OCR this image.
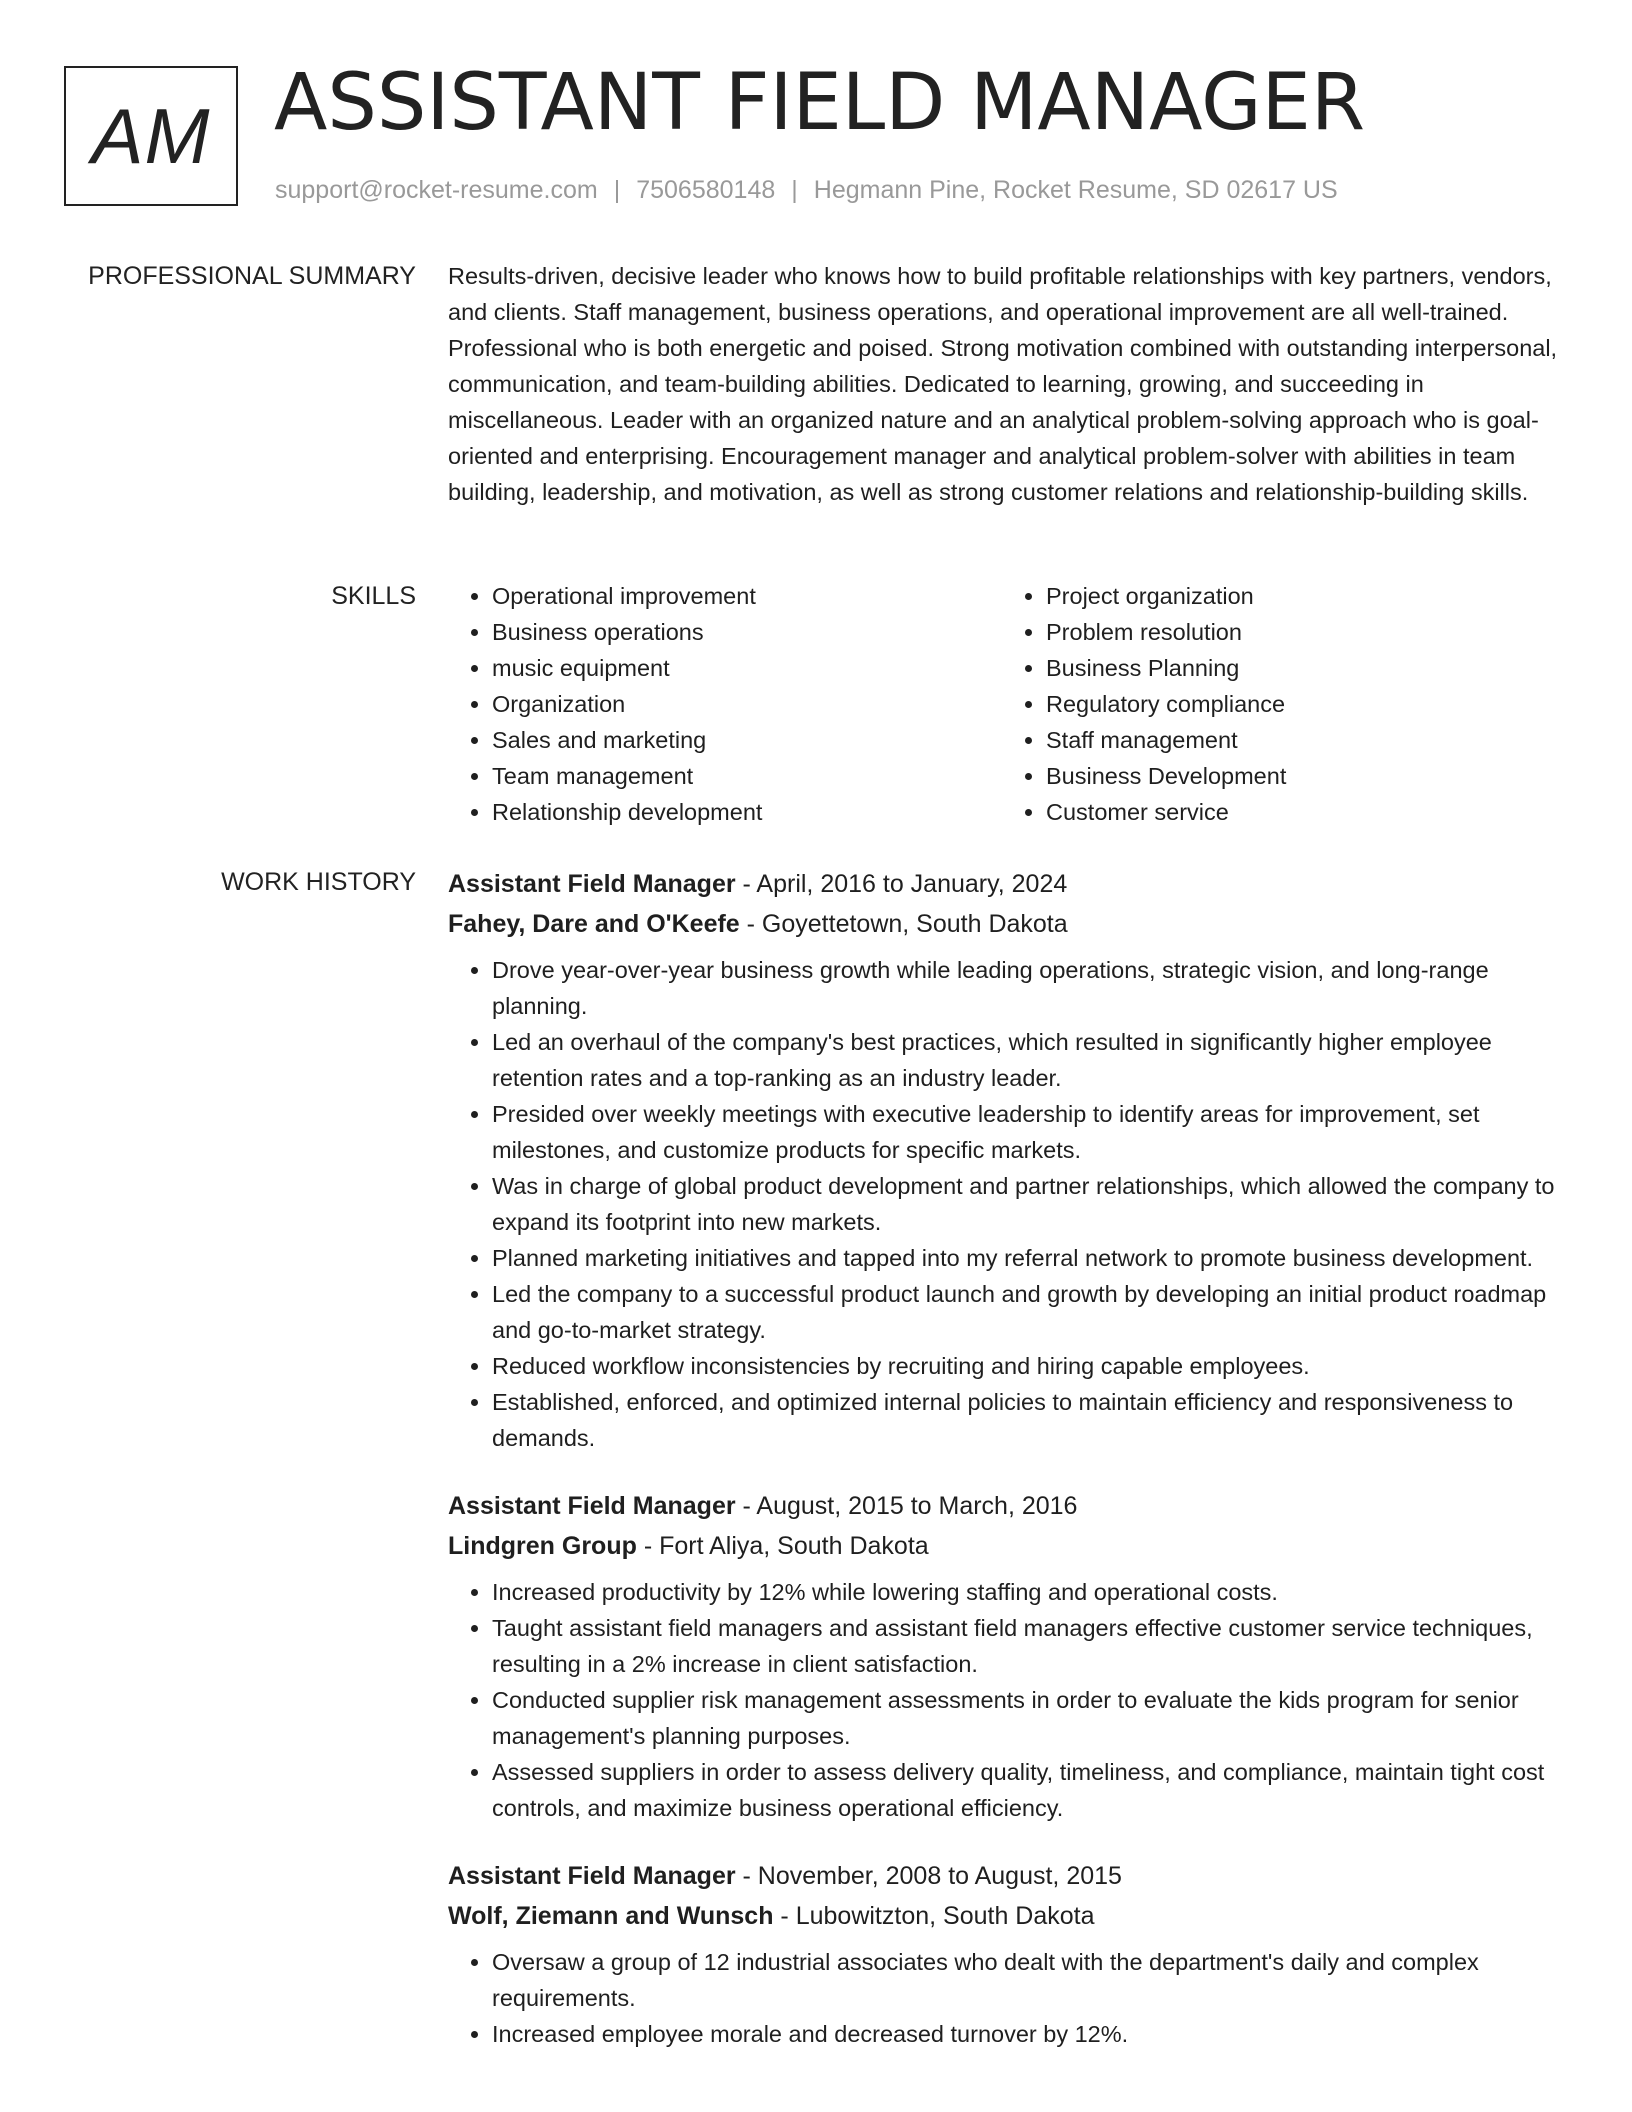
AM ASSISTANT FIELD MANAGER
support@rocket-resume.com | 7506580148 | Hegmann Pine, Rocket Resume, SD 02617 US
PROFESSIONAL SUMMARY Results-driven, decisive leader who knows how to build profitable relationships with key partners, vendors, and clients. Staff management, business operations, and operational improvement are all well-trained. Professional who is both energetic and poised. Strong motivation combined with outstanding interpersonal, communication, and team-building abilities. Dedicated to learning, growing, and succeeding in miscellaneous. Leader with an organized nature and an analytical problem-solving approach who is goal-oriented and enterprising. Encouragement manager and analytical problem-solver with abilities in team building, leadership, and motivation, as well as strong customer relations and relationship-building skills.

SKILLS
•	Operational improvement
• Business operations
• music equipment
• Organization
• Sales and marketing
• Team management
• Relationship development
• Project organization
• Problem resolution
• Business Planning
• Regulatory compliance
• Staff management
• Business Development
• Customer service
WORK HISTORY Assistant Field Manager - April, 2016 to January, 2024

Fahey, Dare and O'Keefe - Goyettetown, South Dakota

• Drove year-over-year business growth while leading operations, strategic vision, and long-range planning.
• Led an overhaul of the company's best practices, which resulted in significantly higher employee retention rates and a top-ranking as an industry leader.
• Presided over weekly meetings with executive leadership to identify areas for improvement, set milestones, and customize products for specific markets.
• Was in charge of global product development and partner relationships, which allowed the company to expand its footprint into new markets.
• Planned marketing initiatives and tapped into my referral network to promote business development.
• Led the company to a successful product launch and growth by developing an initial product roadmap and go-to-market strategy.
• Reduced workflow inconsistencies by recruiting and hiring capable employees.
• Established, enforced, and optimized internal policies to maintain efficiency and responsiveness to demands.

Assistant Field Manager - August, 2015 to March, 2016

Lindgren Group - Fort Aliya, South Dakota

• Increased productivity by 12% while lowering staffing and operational costs.
• Taught assistant field managers and assistant field managers effective customer service techniques, resulting in a 2% increase in client satisfaction.
• Conducted supplier risk management assessments in order to evaluate the kids program for senior management's planning purposes.
• Assessed suppliers in order to assess delivery quality, timeliness, and compliance, maintain tight cost controls, and maximize business operational efficiency.

Assistant Field Manager - November, 2008 to August, 2015

Wolf, Ziemann and Wunsch - Lubowitzton, South Dakota

• Oversaw a group of 12 industrial associates who dealt with the department's daily and complex requirements.
• Increased employee morale and decreased turnover by 12%.
